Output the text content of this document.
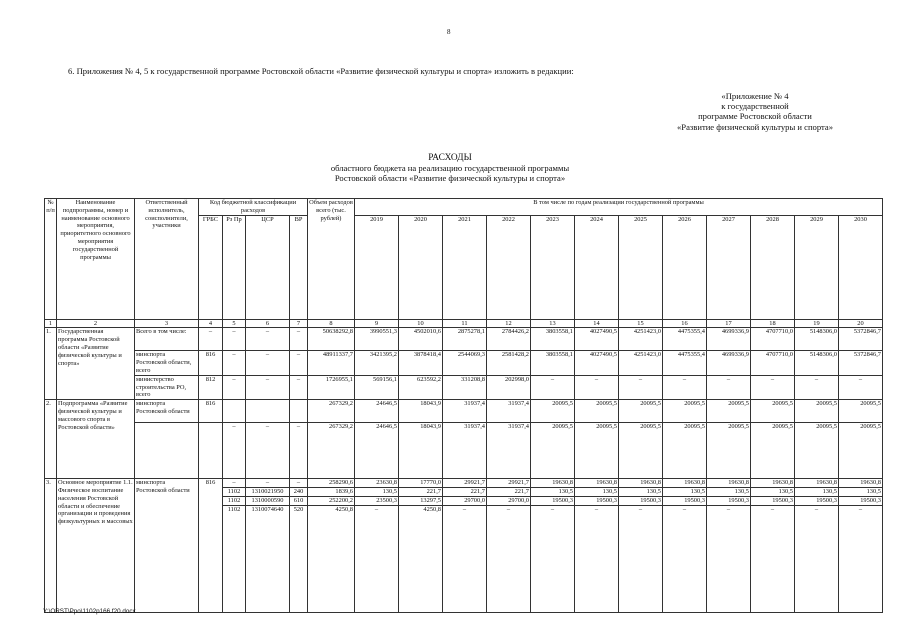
8
6. Приложения № 4, 5 к государственной программе Ростовской области «Развитие физической культуры и спорта» изложить в редакции:
«Приложение № 4
к государственной
программе Ростовской области
«Развитие физической культуры и спорта»
РАСХОДЫ
областного бюджета на реализацию государственной программы
Ростовской области «Развитие физической культуры и спорта»
№ п/п	Наименование подпрограммы, номер и наименование основного мероприятия, приоритетного основного мероприятия государственной программы	Ответственный исполнитель, соисполнители, участники	Код бюджетной классификации расходов				Объем расходов всего (тыс. рублей)	В том числе по годам реализации государственной программы											
			ГРБС	Рз Пр	ЦСР	ВР		2019	2020	2021	2022	2023	2024	2025	2026	2027	2028	2029	2030
1	2	3	4	5	6	7	8	9	10	11	12	13	14	15	16	17	18	19	20
1.	Государственная программа Ростовской области «Развитие физической культуры и спорта»	Всего в том числе:	–	–	–	–	50638292,8	3990551,3	4502010,6	2875278,1	2784426,2	3803558,1	4027490,5	4251423,0	4475355,4	4699336,9	4707710,0	5148306,0	5372846,7
		минспорта Ростовской области, всего	816	–	–	–	48911337,7	3421395,2	3878418,4	2544069,3	2581428,2	3803558,1	4027490,5	4251423,0	4475355,4	4699336,9	4707710,0	5148306,0	5372846,7
		министерство строительства РО, всего	812	–	–	–	1726955,1	569156,1	623592,2	331208,8	202998,0	–	–	–	–	–	–	–	–
2.	Подпрограмма «Развитие физической культуры и массового спорта в Ростовской области»	минспорта Ростовской области	816				267329,2	24646,5	18043,9	31937,4	31937,4	20095,5	20095,5	20095,5	20095,5	20095,5	20095,5	20095,5	20095,5
				–	–	–	267329,2	24646,5	18043,9	31937,4	31937,4	20095,5	20095,5	20095,5	20095,5	20095,5	20095,5	20095,5	20095,5
3.	Основное мероприятие 1.1. Физическое воспитание населения Ростовской области и обеспечение организации и проведения физкультурных и массовых	минспорта Ростовской области	816	–	–	–	258290,6	23630,8	17770,0	29921,7	29921,7	19630,8	19630,8	19630,8	19630,8	19630,8	19630,8	19630,8	19630,8
				1102	1310021950	240	1839,6	130,5	221,7	221,7	221,7	130,5	130,5	130,5	130,5	130,5	130,5	130,5	130,5
				1102	1310000590	610	252200,2	23500,3	13297,5	29700,0	29700,0	19500,3	19500,3	19500,3	19500,3	19500,3	19500,3	19500,3	19500,3
				1102	1310074640	520	4250,8	–	4250,8	–	–	–	–	–	–	–	–	–	–
Y:\ORST\Ppo\1102p166.f20.docx
